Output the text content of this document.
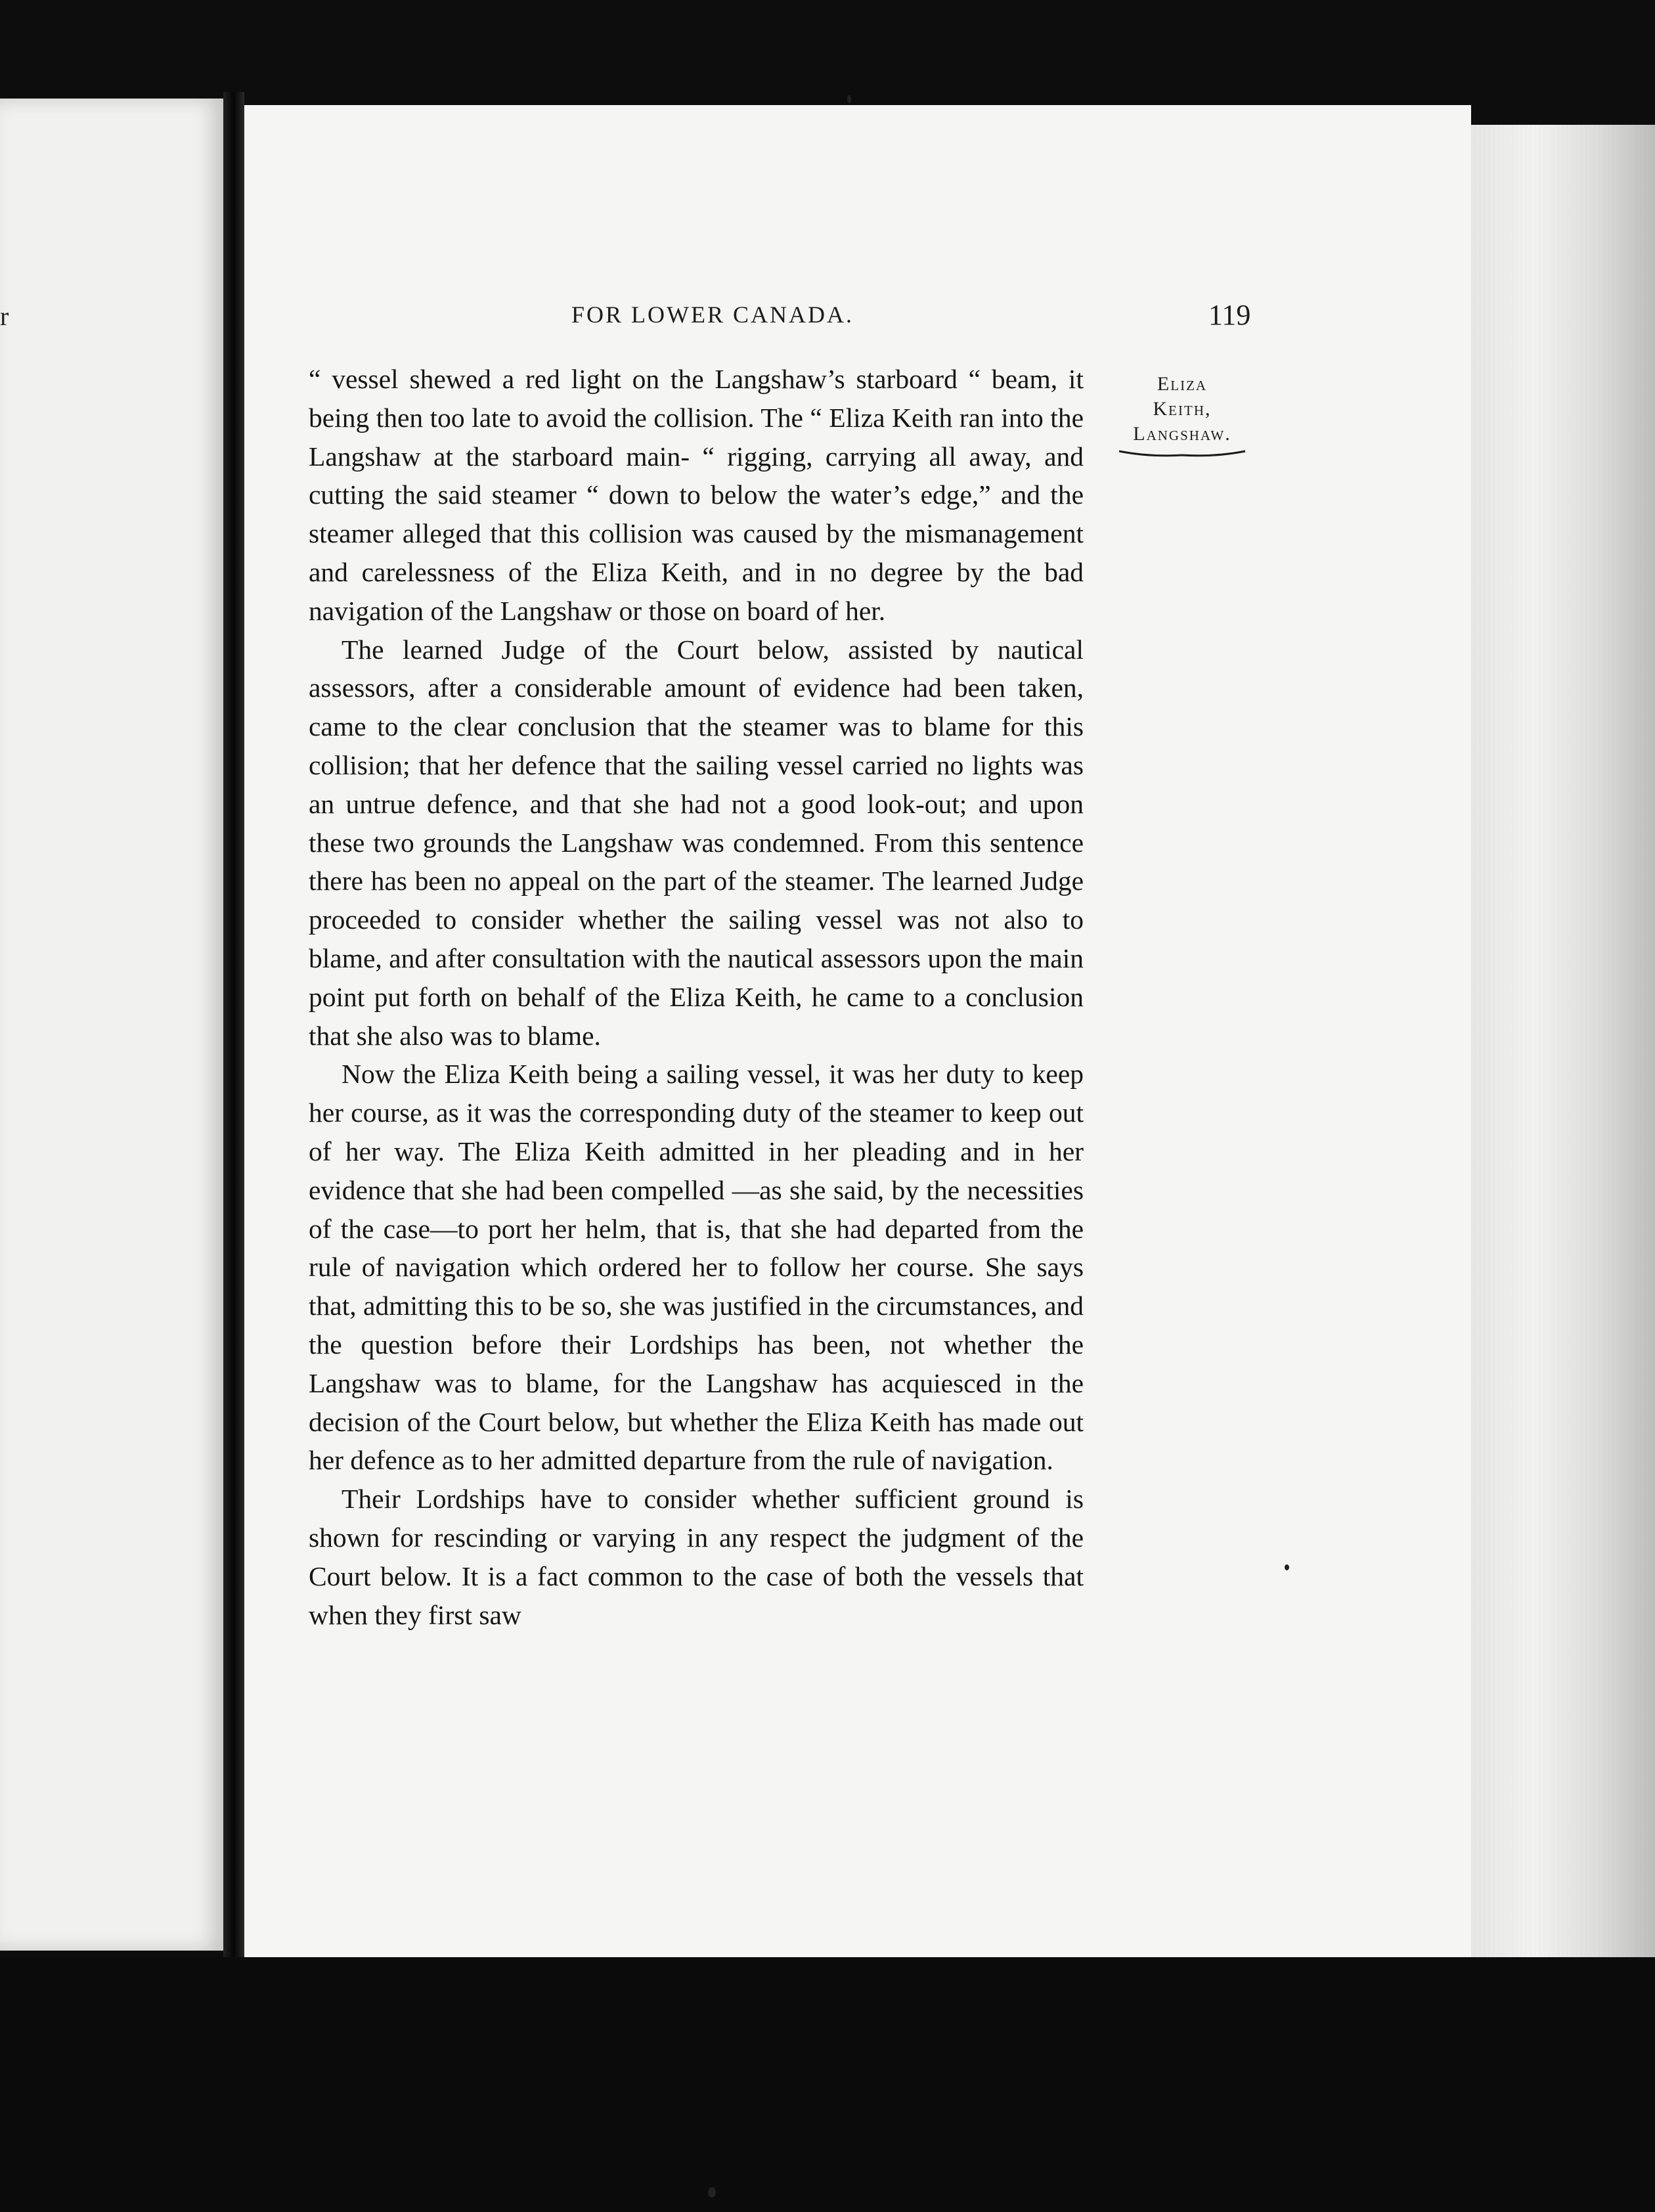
r	FOR LOWER CANADA.	119
Eliza
Keith,
Langshaw.

“ vessel shewed a red light on the Langshaw’s starboard “ beam, it being then too late to avoid the collision. The “ Eliza Keith ran into the Langshaw at the starboard main- “ rigging, carrying all away, and cutting the said steamer “ down to below the water’s edge,” and the steamer alleged that this collision was caused by the mismanagement and carelessness of the Eliza Keith, and in no degree by the bad navigation of the Langshaw or those on board of her.

The learned Judge of the Court below, assisted by nautical assessors, after a considerable amount of evidence had been taken, came to the clear conclusion that the steamer was to blame for this collision; that her defence that the sailing vessel carried no lights was an untrue defence, and that she had not a good look-out; and upon these two grounds the Langshaw was condemned. From this sentence there has been no appeal on the part of the steamer. The learned Judge proceeded to consider whether the sailing vessel was not also to blame, and after consultation with the nautical assessors upon the main point put forth on behalf of the Eliza Keith, he came to a conclusion that she also was to blame.

Now the Eliza Keith being a sailing vessel, it was her duty to keep her course, as it was the corresponding duty of the steamer to keep out of her way. The Eliza Keith admitted in her pleading and in her evidence that she had been compelled —as she said, by the necessities of the case—to port her helm, that is, that she had departed from the rule of navigation which ordered her to follow her course. She says that, admitting this to be so, she was justified in the circumstances, and the question before their Lordships has been, not whether the Langshaw was to blame, for the Langshaw has acquiesced in the decision of the Court below, but whether the Eliza Keith has made out her defence as to her admitted departure from the rule of navigation.

Their Lordships have to consider whether sufficient ground is shown for rescinding or varying in any respect the judgment of the Court below. It is a fact common to the case of both the vessels that when they first saw
